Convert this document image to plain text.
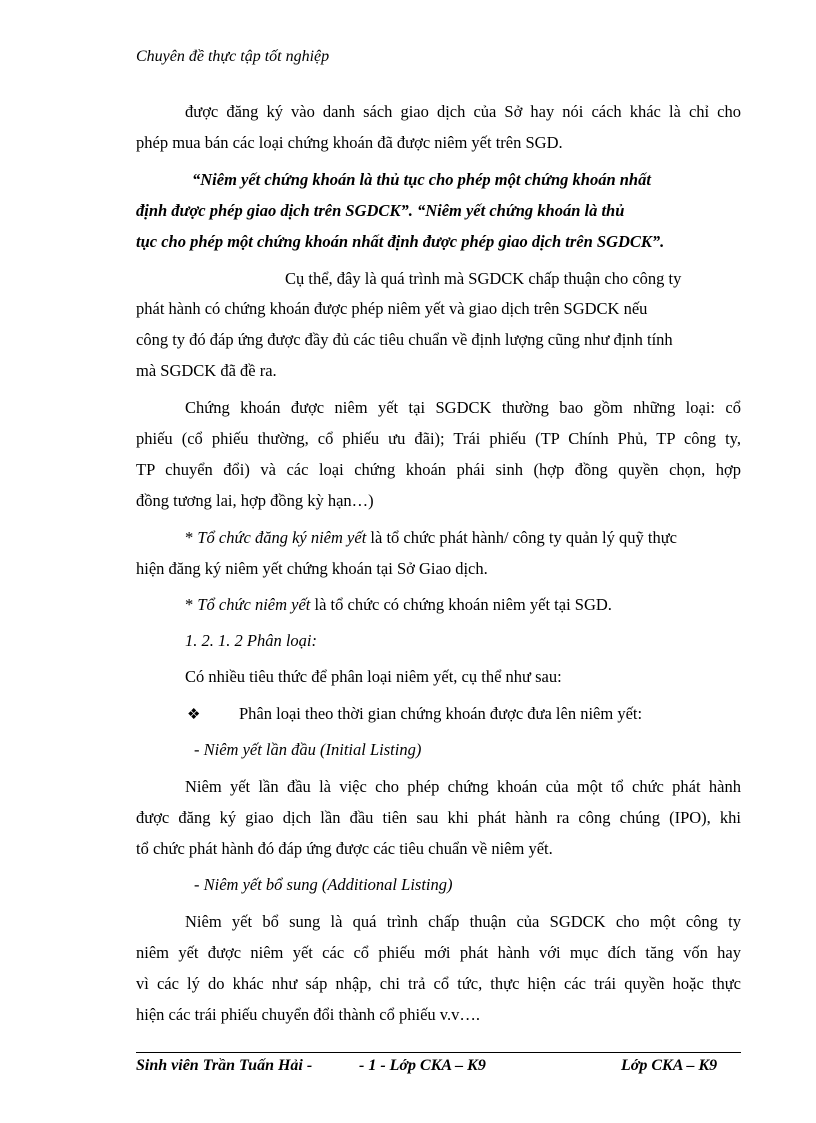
Chuyên đề thực tập tốt nghiệp
được đăng ký vào danh sách giao dịch của Sở hay nói cách khác là chỉ cho
phép mua bán các loại chứng khoán đã được niêm yết trên SGD.
“Niêm yết chứng khoán là thủ tục cho phép một chứng khoán nhất
định được phép giao dịch trên SGDCK”. “Niêm yết chứng khoán là thủ
tục cho phép một chứng khoán nhất định được phép giao dịch trên SGDCK”.
Cụ thể, đây là quá trình mà SGDCK chấp thuận cho công ty
phát hành có chứng khoán được phép niêm yết và giao dịch trên SGDCK nếu
công ty đó đáp ứng được đầy đủ các tiêu chuẩn về định lượng cũng như định tính
mà SGDCK đã đề ra.
Chứng khoán được niêm yết tại SGDCK thường bao gồm những loại: cổ
phiếu (cổ phiếu thường, cổ phiếu ưu đãi); Trái phiếu (TP Chính Phủ, TP công ty,
TP chuyển đổi) và các loại chứng khoán phái sinh (hợp đồng quyền chọn, hợp
đồng tương lai, hợp đồng kỳ hạn…)
* Tổ chức đăng ký niêm yết là tổ chức phát hành/ công ty quản lý quỹ thực
hiện đăng ký niêm yết chứng khoán tại Sở Giao dịch.
* Tổ chức niêm yết là tổ chức có chứng khoán niêm yết tại SGD.
1. 2. 1. 2 Phân loại:
Có nhiều tiêu thức để phân loại niêm yết, cụ thể như sau:
❖ Phân loại theo thời gian chứng khoán được đưa lên niêm yết:
- Niêm yết lần đầu (Initial Listing)
Niêm yết lần đầu là việc cho phép chứng khoán của một tổ chức phát hành
được đăng ký giao dịch lần đầu tiên sau khi phát hành ra công chúng (IPO), khi
tổ chức phát hành đó đáp ứng được các tiêu chuẩn về niêm yết.
- Niêm yết bổ sung (Additional Listing)
Niêm yết bổ sung là quá trình chấp thuận của SGDCK cho một công ty
niêm yết được niêm yết các cổ phiếu mới phát hành với mục đích tăng vốn hay
vì các lý do khác như sáp nhập, chi trả cổ tức, thực hiện các trái quyền hoặc thực
hiện các trái phiếu chuyển đổi thành cổ phiếu v.v….
Sinh viên Trần Tuấn Hải -	- 1 - Lớp CKA – K9	Lớp CKA – K9
